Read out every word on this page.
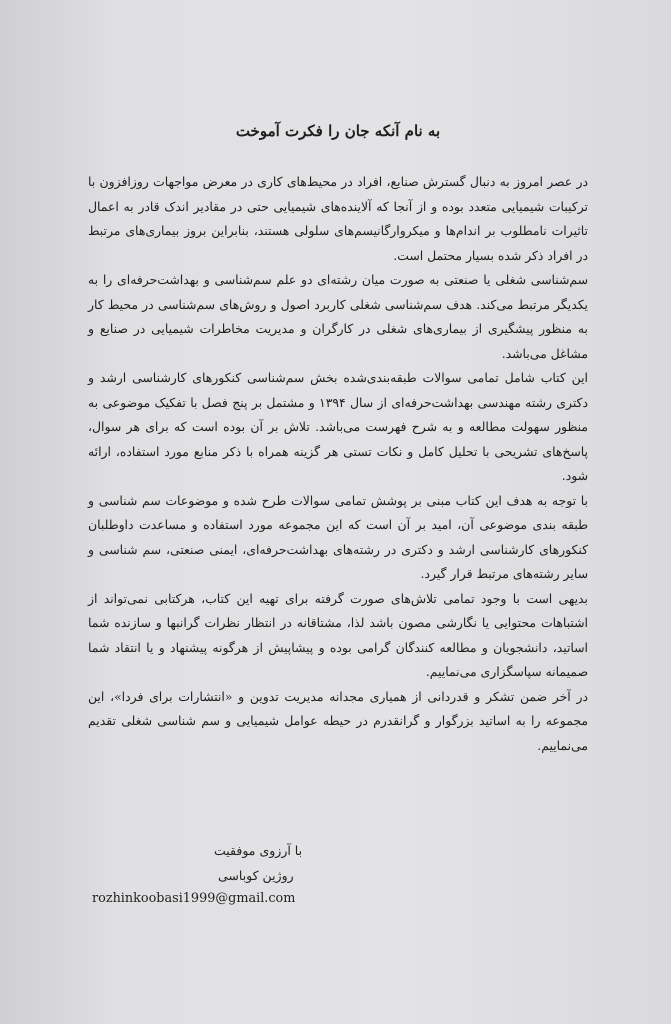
به نام آنکه جان را فکرت آموخت

در عصر امروز به دنبال گسترش صنایع، افراد در محیط‌های کاری در معرض مواجهات روزافزون با ترکیبات شیمیایی متعدد بوده و از آنجا که آلاینده‌های شیمیایی حتی در مقادیر اندک قادر به اعمال تاثیرات نامطلوب بر اندام‌ها و میکروارگانیسم‌های سلولی هستند، بنابراین بروز بیماری‌های مرتبط در افراد ذکر شده بسیار محتمل است.

سم‌شناسی شغلی یا صنعتی به صورت میان رشته‌ای دو علم سم‌شناسی و بهداشت‌حرفه‌ای را به یکدیگر مرتبط می‌کند. هدف سم‌شناسی شغلی کاربرد اصول و روش‌های سم‌شناسی در محیط کار به منظور پیشگیری از بیماری‌های شغلی در کارگران و مدیریت مخاطرات شیمیایی در صنایع و مشاغل می‌باشد.

این کتاب شامل تمامی سوالات طبقه‌بندی‌شده بخش سم‌شناسی کنکورهای کارشناسی ارشد و دکتری رشته مهندسی بهداشت‌حرفه‌ای از سال ۱۳۹۴ و مشتمل بر پنج فصل با تفکیک موضوعی به منظور سهولت مطالعه و به شرح فهرست می‌باشد. تلاش بر آن بوده است که برای هر سوال، پاسخ‌های تشریحی با تحلیل کامل و نکات تستی هر گزینه همراه با ذکر منابع مورد استفاده، ارائه شود.

با توجه به هدف این کتاب مبنی بر پوشش تمامی سوالات طرح شده و موضوعات سم شناسی و طبقه بندی موضوعی آن، امید بر آن است که این مجموعه مورد استفاده و مساعدت داوطلبان کنکورهای کارشناسی ارشد و دکتری در رشته‌های بهداشت‌حرفه‌ای، ایمنی صنعتی، سم شناسی و سایر رشته‌های مرتبط قرار گیرد.

بدیهی است با وجود تمامی تلاش‌های صورت گرفته برای تهیه این کتاب، هرکتابی نمی‌تواند از اشتباهات محتوایی یا نگارشی مصون باشد لذا، مشتاقانه در انتظار نظرات گرانبها و سازنده شما اساتید، دانشجویان و مطالعه کنندگان گرامی بوده و پیشاپیش از هرگونه پیشنهاد و یا انتقاد شما صمیمانه سپاسگزاری می‌نماییم.

در آخر ضمن تشکر و قدردانی از همیاری مجدانه مدیریت تدوین و «انتشارات برای فردا»، این مجموعه را به اساتید بزرگوار و گرانقدرم در حیطه عوامل شیمیایی و سم شناسی شغلی تقدیم می‌نماییم.

با آرزوی موفقیت
روژین کوباسی
rozhinkoobasi1999@gmail.com
